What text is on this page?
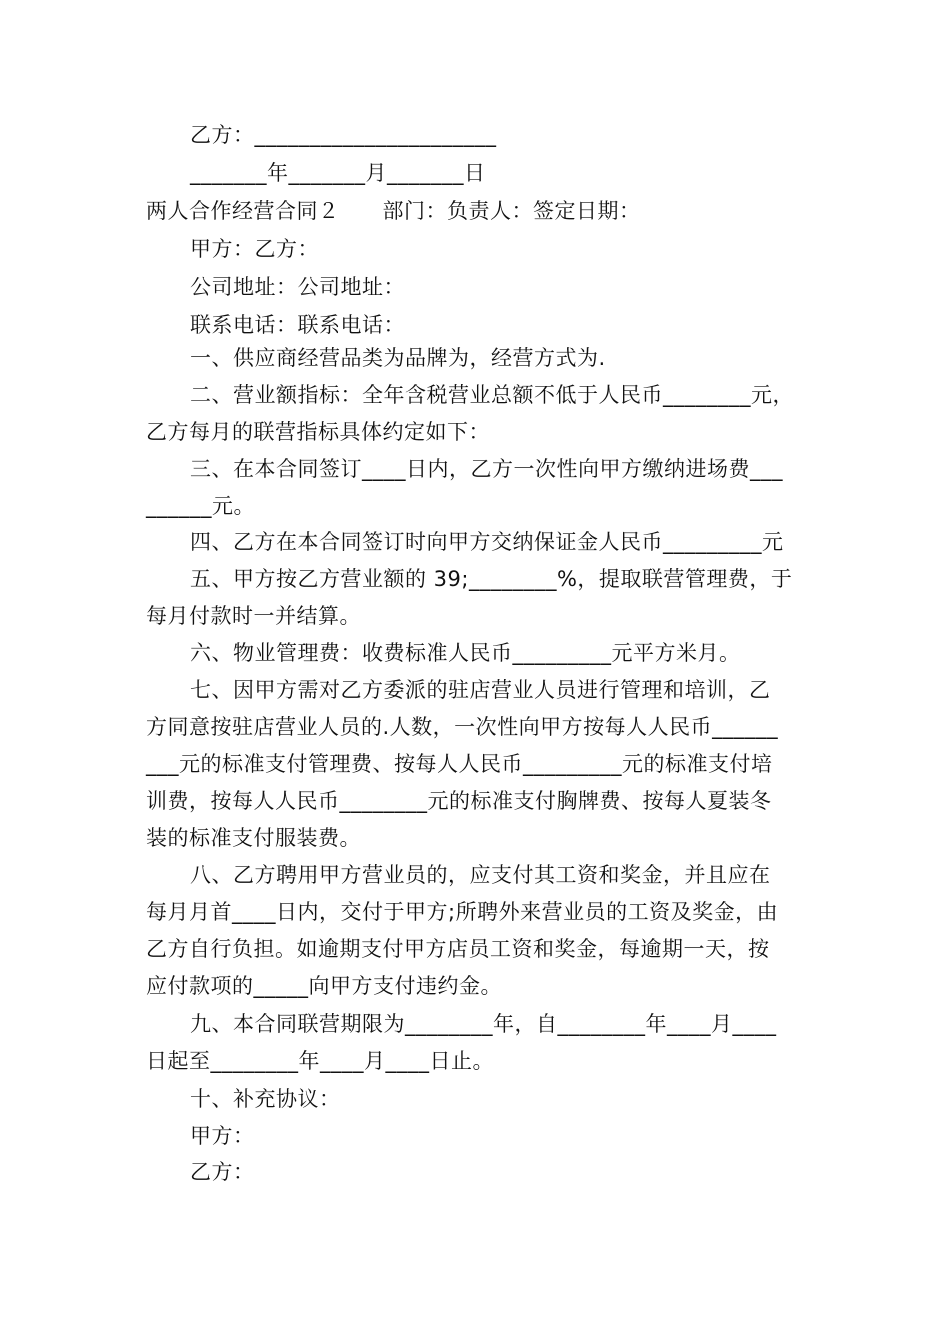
乙方：______________________
_______年_______月_______日
两人合作经营合同２　　部门：负责人：签定日期：
甲方：乙方：
公司地址：公司地址：
联系电话：联系电话：
一、供应商经营品类为品牌为，经营方式为.
二、营业额指标：全年含税营业总额不低于人民币________元，
乙方每月的联营指标具体约定如下：
三、在本合同签订____日内，乙方一次性向甲方缴纳进场费___
______元。
四、乙方在本合同签订时向甲方交纳保证金人民币_________元
五、甲方按乙方营业额的 39;________%，提取联营管理费，于
每月付款时一并结算。
六、物业管理费：收费标准人民币_________元平方米月。
七、因甲方需对乙方委派的驻店营业人员进行管理和培训，乙
方同意按驻店营业人员的.人数，一次性向甲方按每人人民币______
___元的标准支付管理费、按每人人民币_________元的标准支付培
训费，按每人人民币________元的标准支付胸牌费、按每人夏装冬
装的标准支付服装费。
八、乙方聘用甲方营业员的，应支付其工资和奖金，并且应在
每月月首____日内，交付于甲方;所聘外来营业员的工资及奖金，由
乙方自行负担。如逾期支付甲方店员工资和奖金，每逾期一天，按
应付款项的_____向甲方支付违约金。
九、本合同联营期限为________年，自________年____月____
日起至________年____月____日止。
十、补充协议：
甲方：
乙方：
